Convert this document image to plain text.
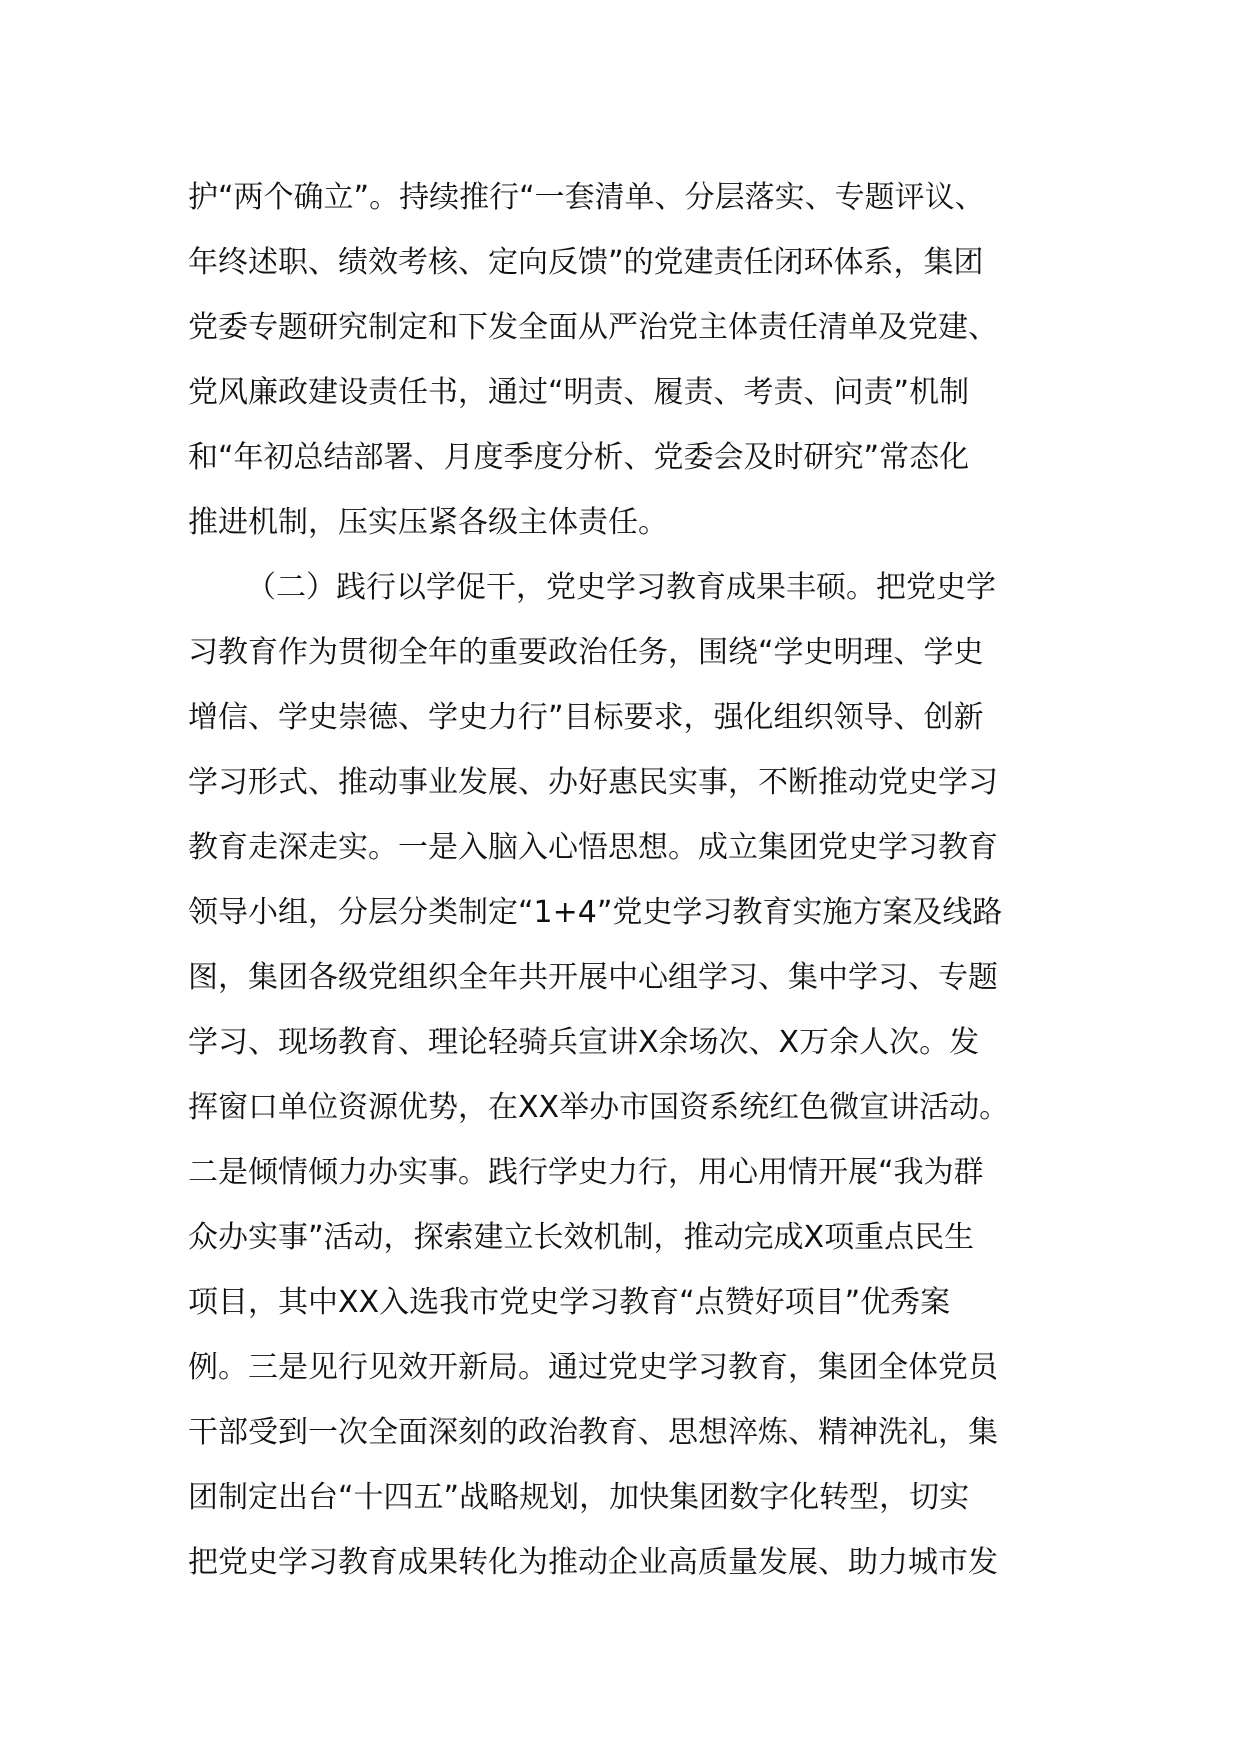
护“两个确立”。持续推行“一套清单、分层落实、专题评议、
年终述职、绩效考核、定向反馈”的党建责任闭环体系，集团
党委专题研究制定和下发全面从严治党主体责任清单及党建、
党风廉政建设责任书，通过“明责、履责、考责、问责”机制
和“年初总结部署、月度季度分析、党委会及时研究”常态化
推进机制，压实压紧各级主体责任。
（二）践行以学促干，党史学习教育成果丰硕。把党史学
习教育作为贯彻全年的重要政治任务，围绕“学史明理、学史
增信、学史崇德、学史力行”目标要求，强化组织领导、创新
学习形式、推动事业发展、办好惠民实事，不断推动党史学习
教育走深走实。一是入脑入心悟思想。成立集团党史学习教育
领导小组，分层分类制定“1+4”党史学习教育实施方案及线路
图，集团各级党组织全年共开展中心组学习、集中学习、专题
学习、现场教育、理论轻骑兵宣讲X余场次、X万余人次。发
挥窗口单位资源优势，在XX举办市国资系统红色微宣讲活动。
二是倾情倾力办实事。践行学史力行，用心用情开展“我为群
众办实事”活动，探索建立长效机制，推动完成X项重点民生
项目，其中XX入选我市党史学习教育“点赞好项目”优秀案
例。三是见行见效开新局。通过党史学习教育，集团全体党员
干部受到一次全面深刻的政治教育、思想淬炼、精神洗礼，集
团制定出台“十四五”战略规划，加快集团数字化转型，切实
把党史学习教育成果转化为推动企业高质量发展、助力城市发
